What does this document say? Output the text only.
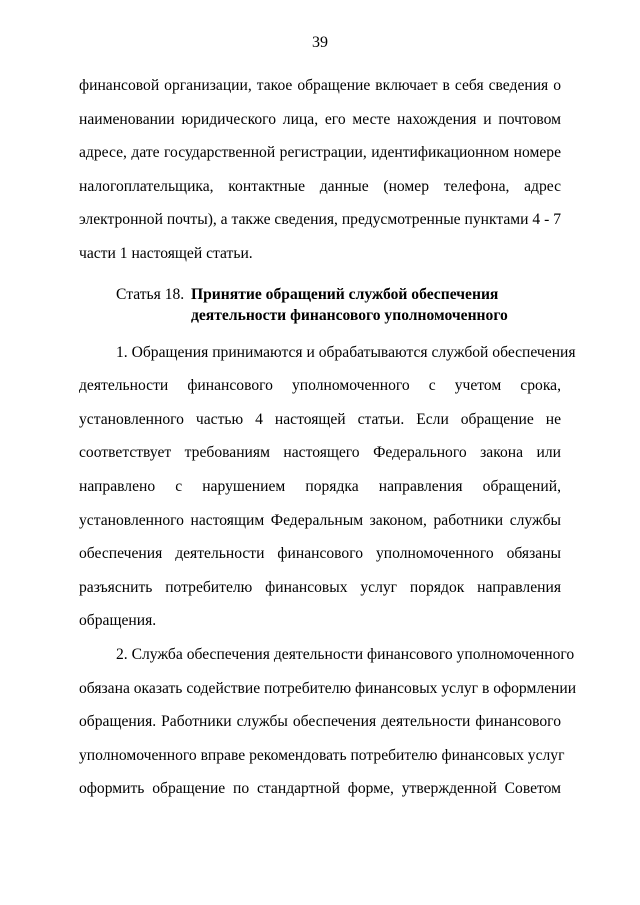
39
финансовой организации, такое обращение включает в себя сведения о
наименовании юридического лица, его месте нахождения и почтовом
адресе, дате государственной регистрации, идентификационном номере
налогоплательщика, контактные данные (номер телефона, адрес
электронной почты), а также сведения, предусмотренные пунктами 4 - 7
части 1 настоящей статьи.
Статья 18. Принятие обращений службой обеспечения
деятельности финансового уполномоченного
1. Обращения принимаются и обрабатываются службой обеспечения
деятельности финансового уполномоченного с учетом срока,
установленного частью 4 настоящей статьи. Если обращение не
соответствует требованиям настоящего Федерального закона или
направлено с нарушением порядка направления обращений,
установленного настоящим Федеральным законом, работники службы
обеспечения деятельности финансового уполномоченного обязаны
разъяснить потребителю финансовых услуг порядок направления
обращения.
2. Служба обеспечения деятельности финансового уполномоченного
обязана оказать содействие потребителю финансовых услуг в оформлении
обращения. Работники службы обеспечения деятельности финансового
уполномоченного вправе рекомендовать потребителю финансовых услуг
оформить обращение по стандартной форме, утвержденной Советом
